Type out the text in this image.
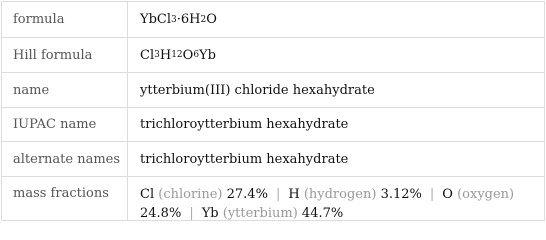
formula	YbCl 3 ·6H 2 O
Hill formula	Cl 3 H 12 O 6 Yb
name	ytterbium(III) chloride hexahydrate
IUPAC name	trichloroytterbium hexahydrate
alternate names	trichloroytterbium hexahydrate
mass fractions	Cl (chlorine) 27.4% | H (hydrogen) 3.12% | O (oxygen)
24.8% | Yb (ytterbium) 44.7%
